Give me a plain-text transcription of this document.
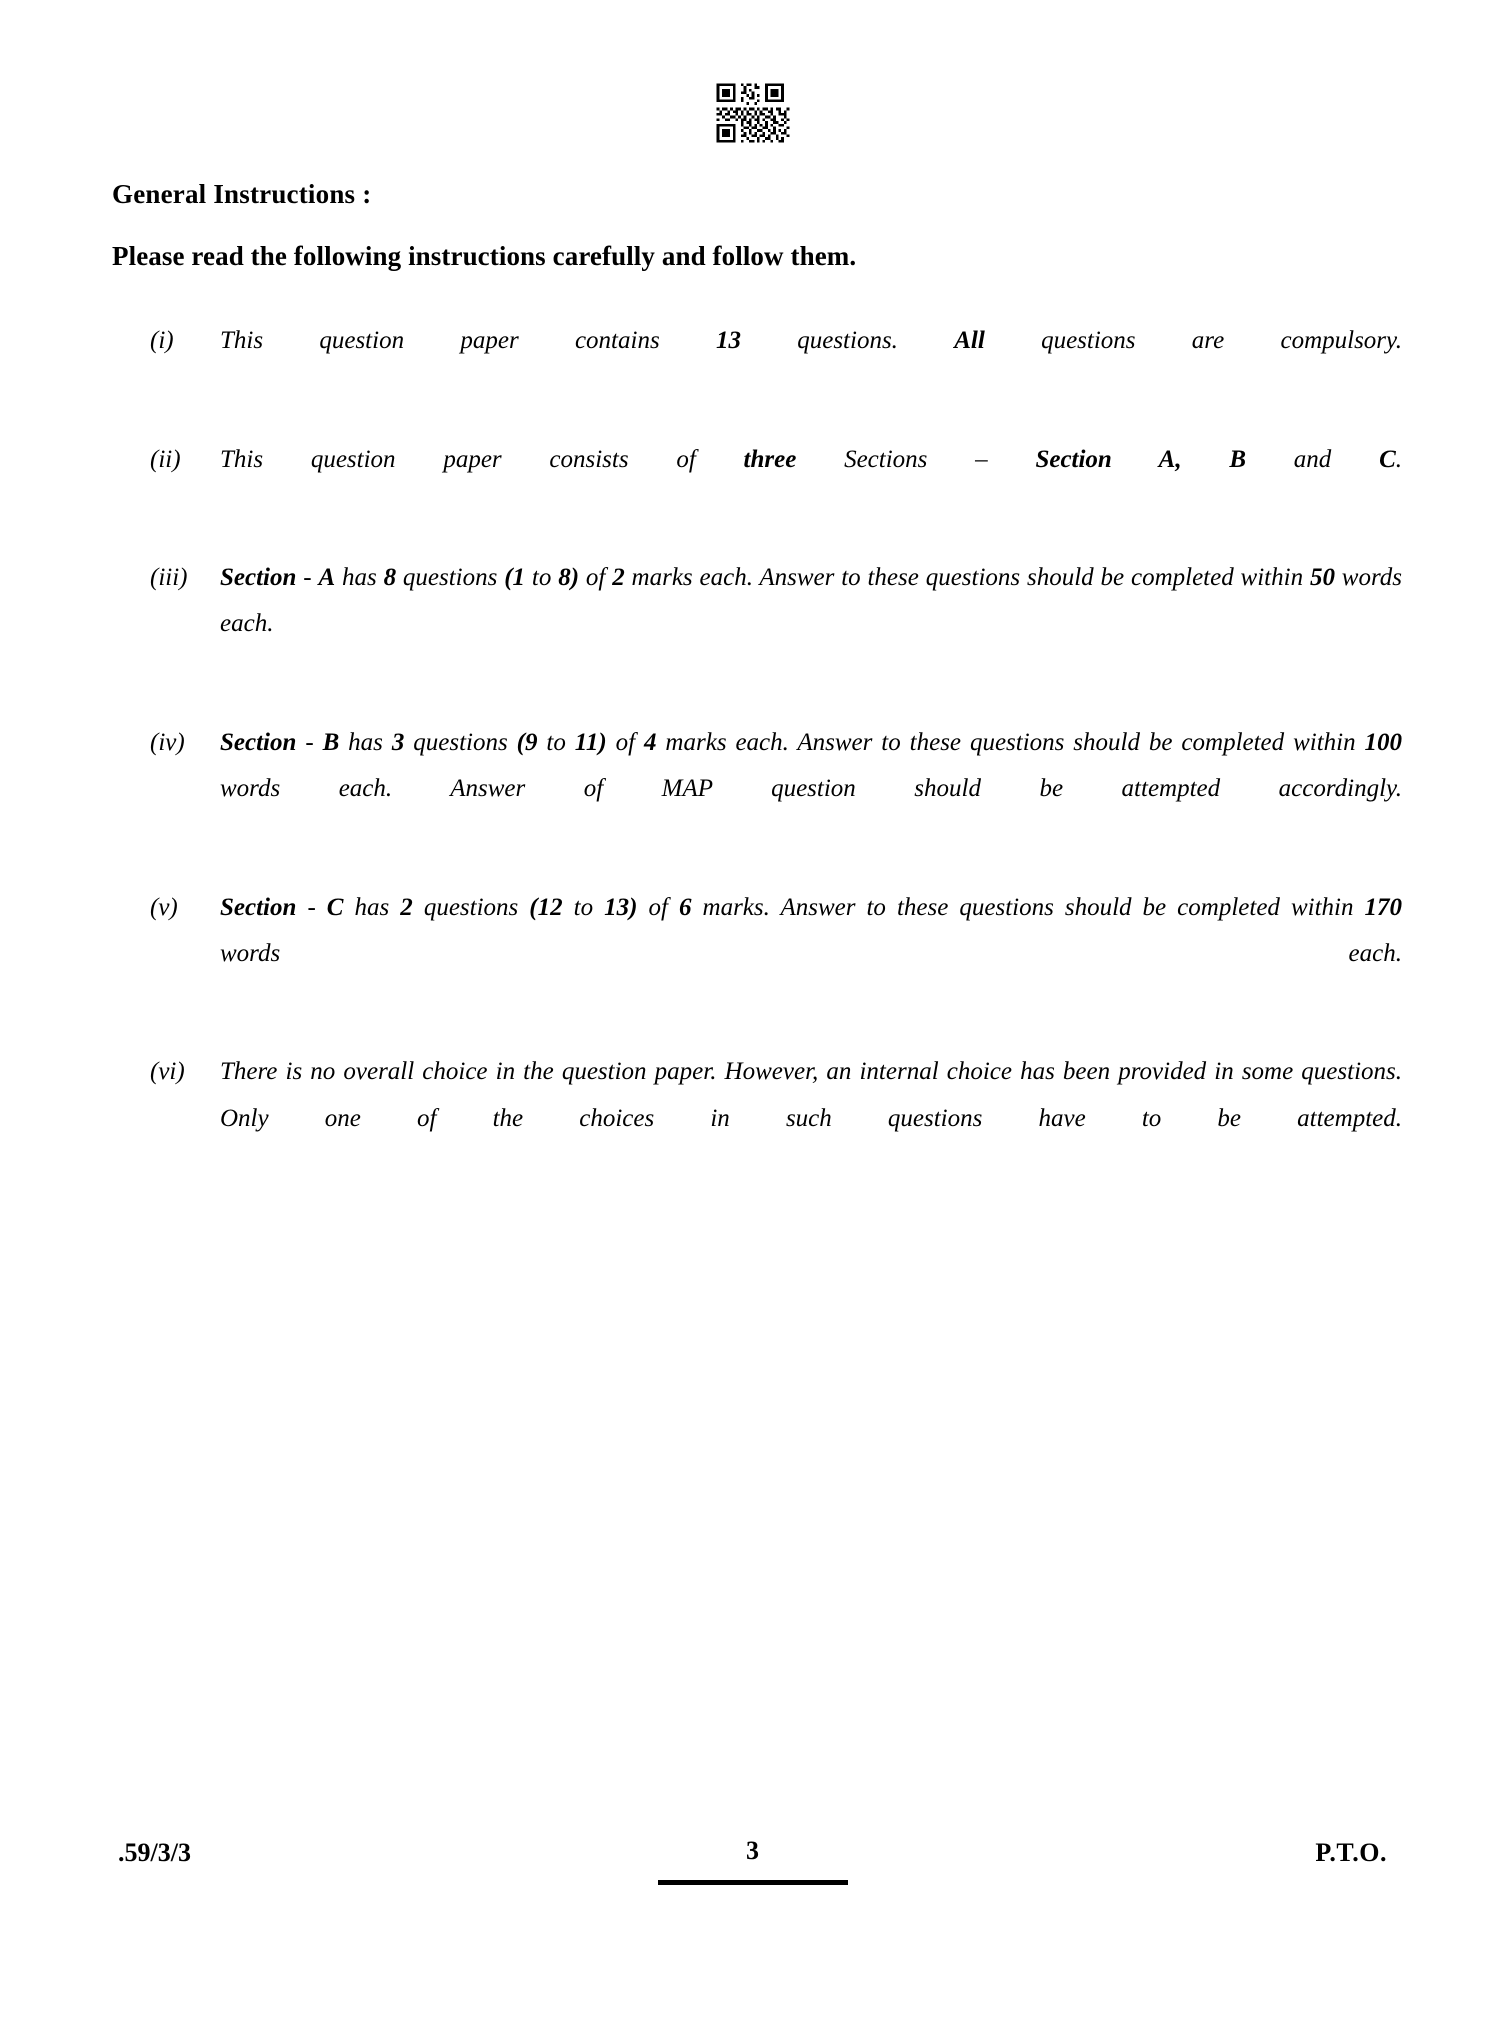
General Instructions :
Please read the following instructions carefully and follow them.
(i)	This question paper contains 13 questions. All questions are compulsory.
(ii)	This question paper consists of three Sections – Section A, B and C.
(iii)	Section - A has 8 questions (1 to 8) of 2 marks each. Answer to these questions should be completed within 50 words each.
(iv)	Section - B has 3 questions (9 to 11) of 4 marks each. Answer to these questions should be completed within 100 words each. Answer of MAP question should be attempted accordingly.
(v)	Section - C has 2 questions (12 to 13) of 6 marks. Answer to these questions should be completed within 170 words each.
(vi)	There is no overall choice in the question paper. However, an internal choice has been provided in some questions. Only one of the choices in such questions have to be attempted.
.59/3/3	3	P.T.O.
